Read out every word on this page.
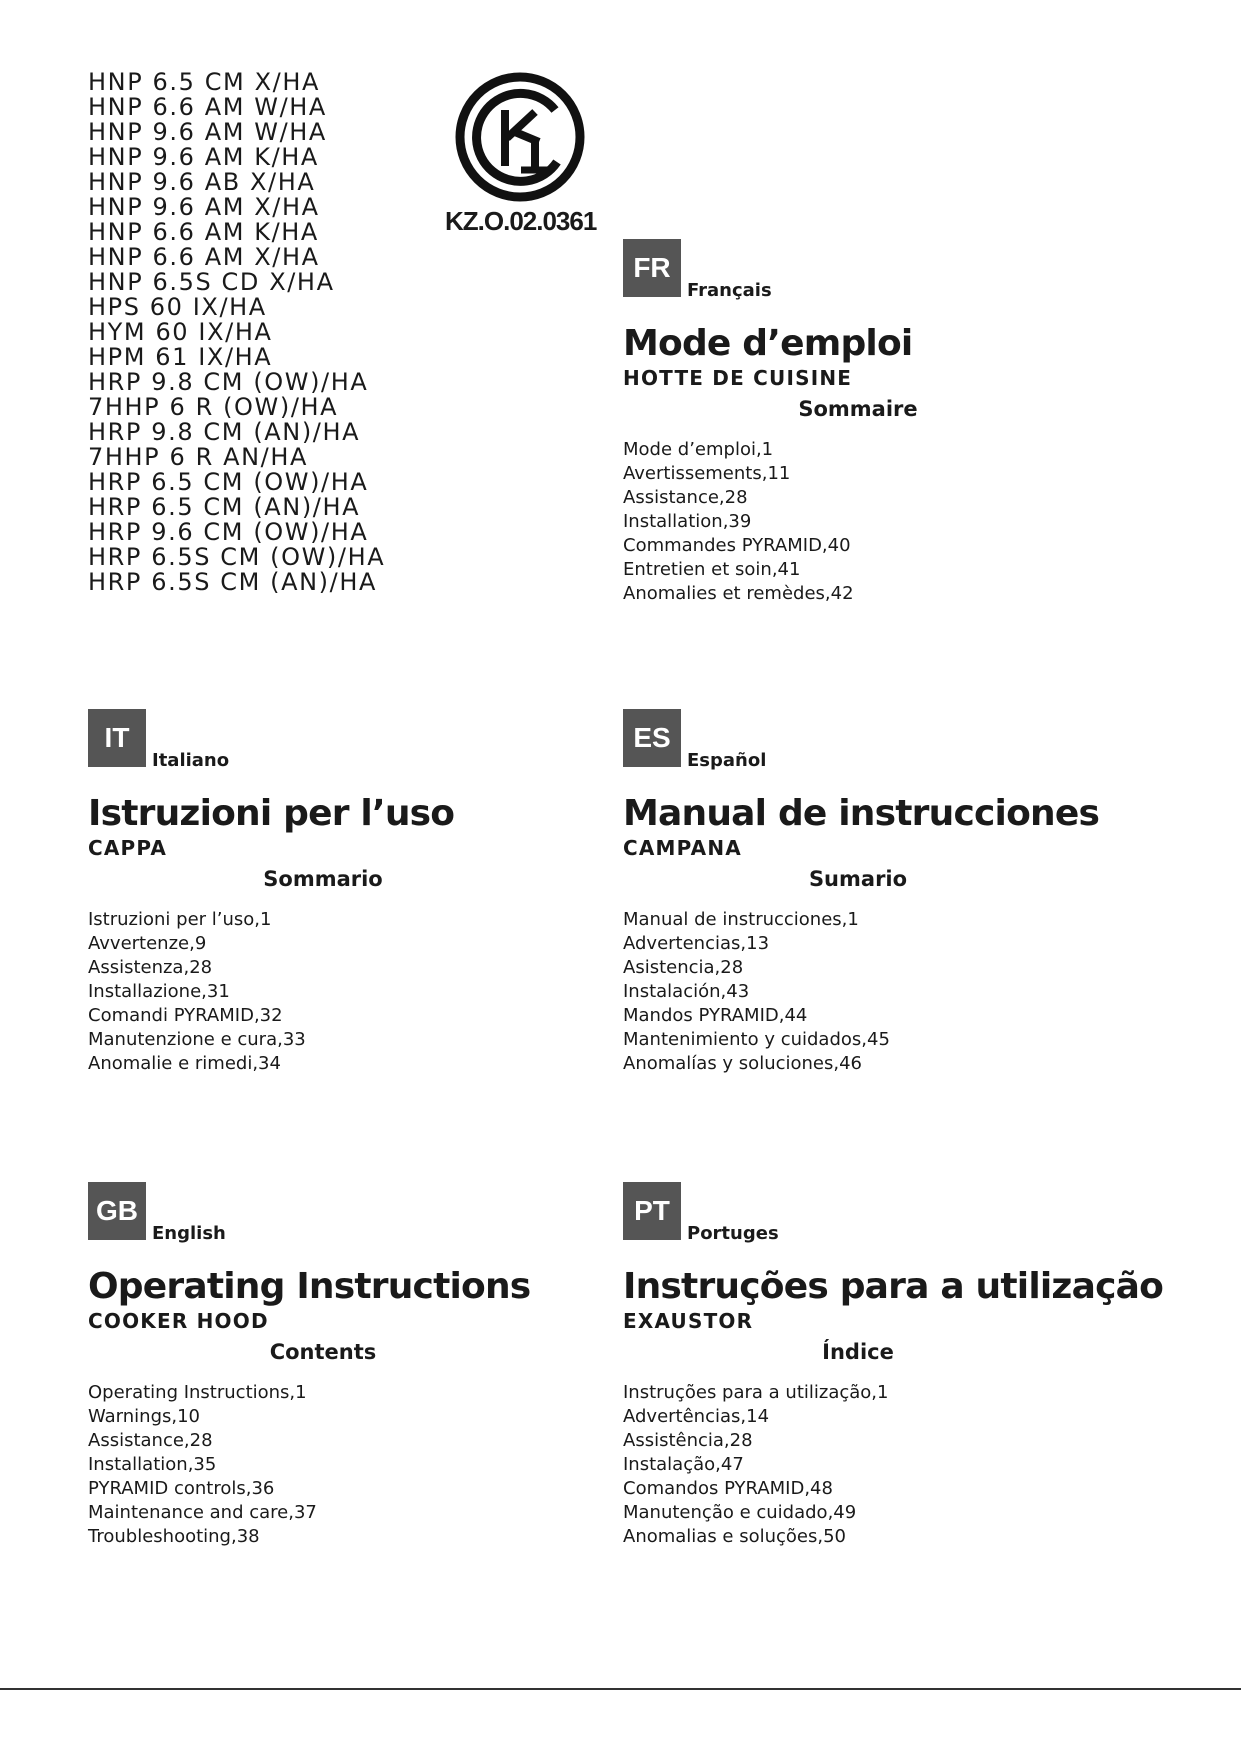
HNP 6.5 CM X/HA
HNP 6.6 AM W/HA
HNP 9.6 AM W/HA
HNP 9.6 AM K/HA
HNP 9.6 AB X/HA
HNP 9.6 AM X/HA
HNP 6.6 AM K/HA
HNP 6.6 AM X/HA
HNP 6.5S CD X/HA
HPS 60 IX/HA
HYM 60 IX/HA
HPM 61 IX/HA
HRP 9.8 CM (OW)/HA
7HHP 6 R (OW)/HA
HRP 9.8 CM (AN)/HA
7HHP 6 R AN/HA
HRP 6.5 CM (OW)/HA
HRP 6.5 CM (AN)/HA
HRP 9.6 CM (OW)/HA
HRP 6.5S CM (OW)/HA
HRP 6.5S CM (AN)/HA
KZ.O.02.0361
FR
Français
Mode d’emploi
HOTTE DE CUISINE
Sommaire
Mode d’emploi,1
Avertissements,11
Assistance,28
Installation,39
Commandes PYRAMID,40
Entretien et soin,41
Anomalies et remèdes,42
IT
Italiano
Istruzioni per l’uso
CAPPA
Sommario
Istruzioni per l’uso,1
Avvertenze,9
Assistenza,28
Installazione,31
Comandi PYRAMID,32
Manutenzione e cura,33
Anomalie e rimedi,34
ES
Español
Manual de instrucciones
CAMPANA
Sumario
Manual de instrucciones,1
Advertencias,13
Asistencia,28
Instalación,43
Mandos PYRAMID,44
Mantenimiento y cuidados,45
Anomalías y soluciones,46
GB
English
Operating Instructions
COOKER HOOD
Contents
Operating Instructions,1
Warnings,10
Assistance,28
Installation,35
PYRAMID controls,36
Maintenance and care,37
Troubleshooting,38
PT
Portuges
Instruções para a utilização
EXAUSTOR
Índice
Instruções para a utilização,1
Advertências,14
Assistência,28
Instalação,47
Comandos PYRAMID,48
Manutenção e cuidado,49
Anomalias e soluções,50
